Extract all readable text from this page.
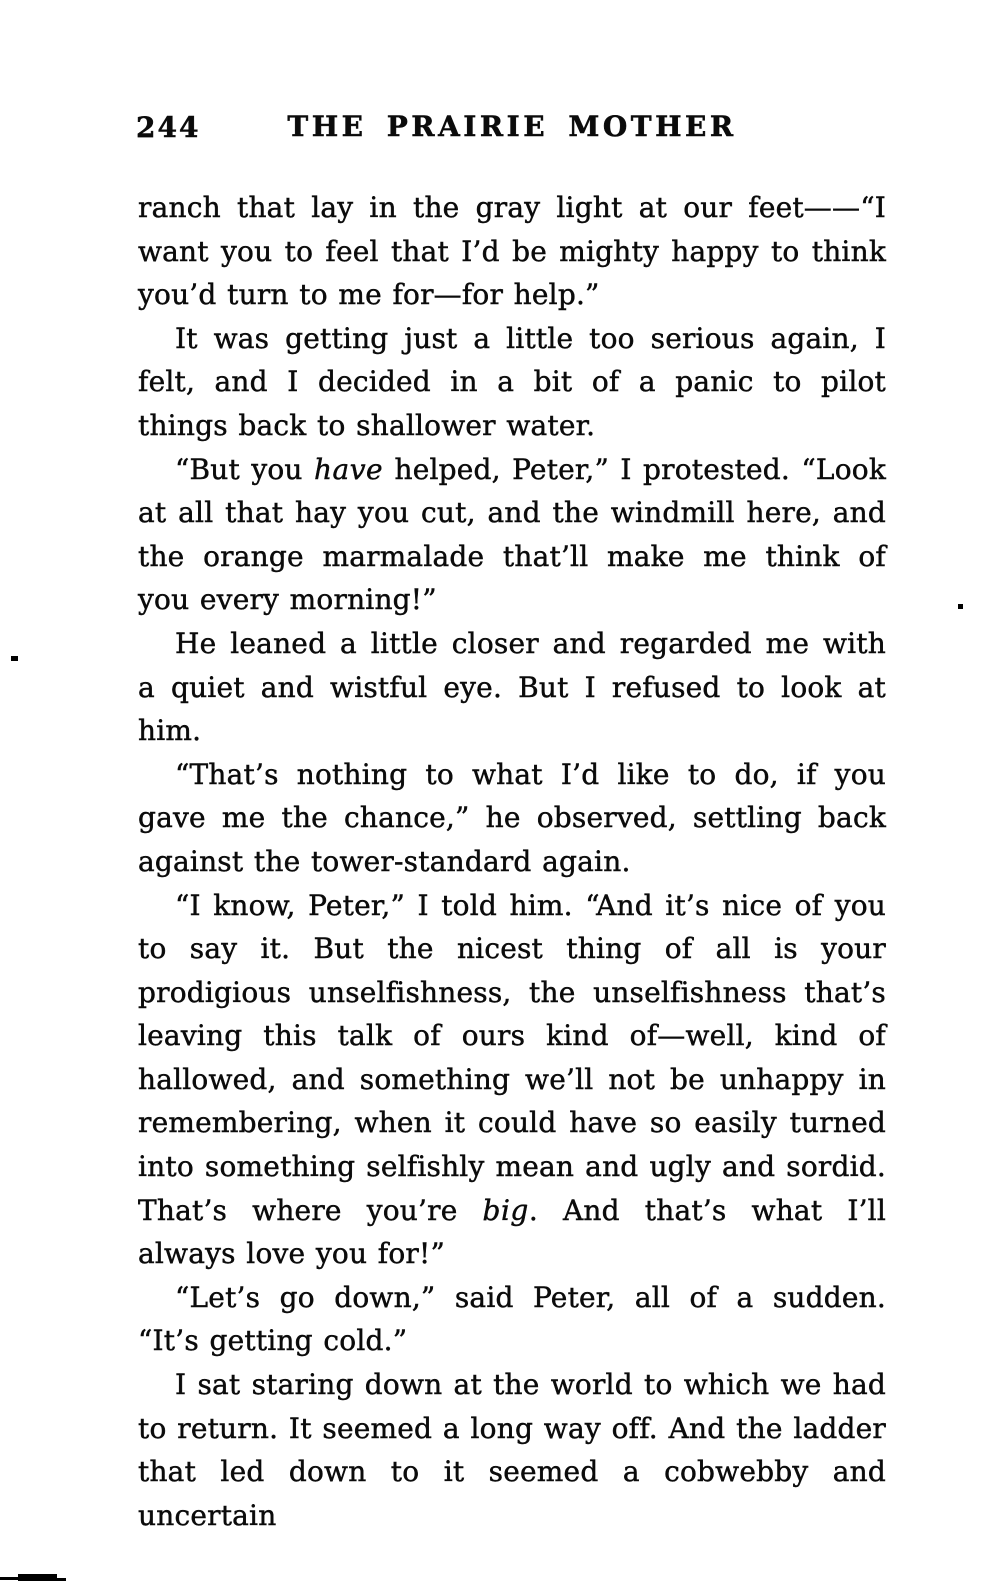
244	THE PRAIRIE MOTHER

ranch that lay in the gray light at our feet——“I want you to feel that I’d be mighty happy to think you’d turn to me for—for help.”

It was getting just a little too serious again, I felt, and I decided in a bit of a panic to pilot things back to shallower water.

“But you have helped, Peter,” I protested. “Look at all that hay you cut, and the windmill here, and the orange marmalade that’ll make me think of you every morning!”

He leaned a little closer and regarded me with a quiet and wistful eye. But I refused to look at him.

“That’s nothing to what I’d like to do, if you gave me the chance,” he observed, settling back against the tower-standard again.

“I know, Peter,” I told him. “And it’s nice of you to say it. But the nicest thing of all is your prodigious unselfishness, the unselfishness that’s leaving this talk of ours kind of—well, kind of hallowed, and something we’ll not be unhappy in remembering, when it could have so easily turned into something selfishly mean and ugly and sordid. That’s where you’re big. And that’s what I’ll always love you for!”

“Let’s go down,” said Peter, all of a sudden. “It’s getting cold.”

I sat staring down at the world to which we had to return. It seemed a long way off. And the ladder that led down to it seemed a cobwebby and uncertain
